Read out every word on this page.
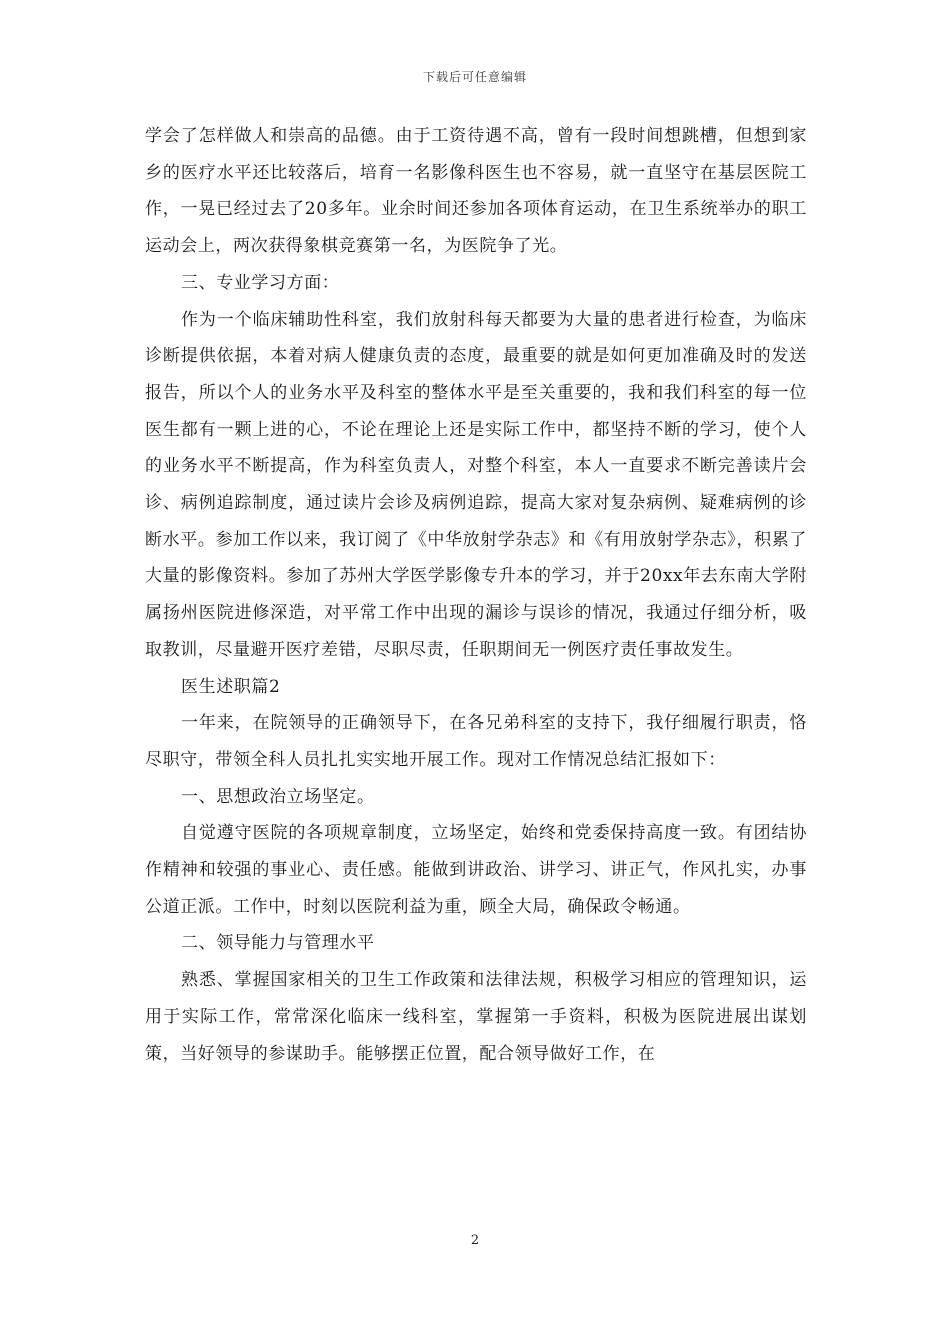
下载后可任意编辑

学会了怎样做人和崇高的品德。由于工资待遇不高，曾有一段时间想跳槽，但想到家乡的医疗水平还比较落后，培育一名影像科医生也不容易，就一直坚守在基层医院工作，一晃已经过去了20多年。业余时间还参加各项体育运动，在卫生系统举办的职工运动会上，两次获得象棋竞赛第一名，为医院争了光。

三、专业学习方面：

作为一个临床辅助性科室，我们放射科每天都要为大量的患者进行检查，为临床诊断提供依据，本着对病人健康负责的态度，最重要的就是如何更加准确及时的发送报告，所以个人的业务水平及科室的整体水平是至关重要的，我和我们科室的每一位医生都有一颗上进的心，不论在理论上还是实际工作中，都坚持不断的学习，使个人的业务水平不断提高，作为科室负责人，对整个科室，本人一直要求不断完善读片会诊、病例追踪制度，通过读片会诊及病例追踪，提高大家对复杂病例、疑难病例的诊断水平。参加工作以来，我订阅了《中华放射学杂志》和《有用放射学杂志》，积累了大量的影像资料。参加了苏州大学医学影像专升本的学习，并于20xx年去东南大学附属扬州医院进修深造，对平常工作中出现的漏诊与误诊的情况，我通过仔细分析，吸取教训，尽量避开医疗差错，尽职尽责，任职期间无一例医疗责任事故发生。

医生述职篇2

一年来，在院领导的正确领导下，在各兄弟科室的支持下，我仔细履行职责，恪尽职守，带领全科人员扎扎实实地开展工作。现对工作情况总结汇报如下：

一、思想政治立场坚定。

自觉遵守医院的各项规章制度，立场坚定，始终和党委保持高度一致。有团结协作精神和较强的事业心、责任感。能做到讲政治、讲学习、讲正气，作风扎实，办事公道正派。工作中，时刻以医院利益为重，顾全大局，确保政令畅通。

二、领导能力与管理水平

熟悉、掌握国家相关的卫生工作政策和法律法规，积极学习相应的管理知识，运用于实际工作，常常深化临床一线科室，掌握第一手资料，积极为医院进展出谋划策，当好领导的参谋助手。能够摆正位置，配合领导做好工作，在

2
